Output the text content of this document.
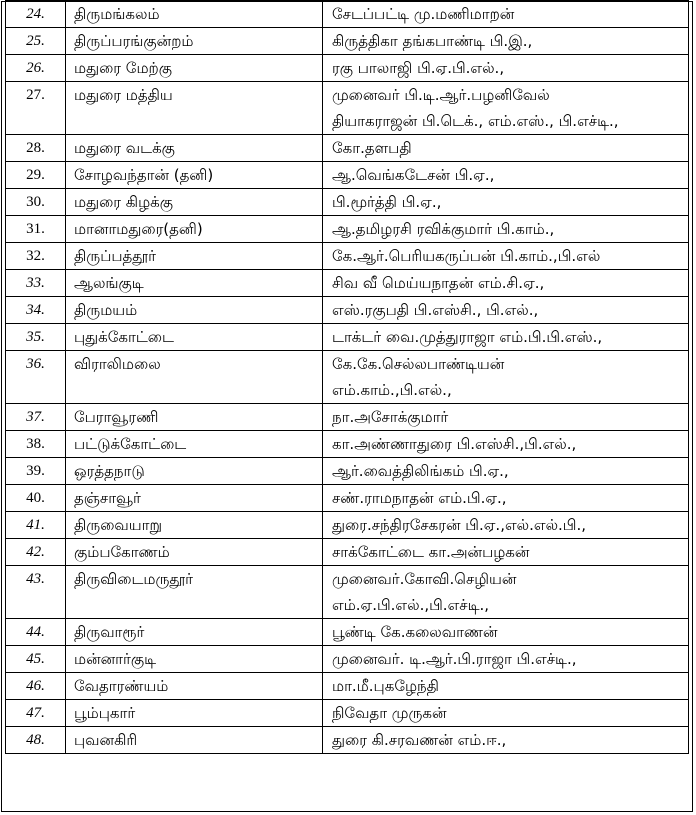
24.	திருமங்கலம்	சேடப்பட்டி மு.மணிமாறன்

25.	திருப்பரங்குன்றம்	கிருத்திகா தங்கபாண்டி பி.இ.,

26.	மதுரை மேற்கு	ரகு பாலாஜி பி.ஏ.பி.எல்.,

27.	மதுரை மத்திய	முனைவர் பி.டி.ஆர்.பழனிவேல்
தியாகராஜன் பி.டெக்., எம்.எஸ்., பி.எச்டி.,

28.	மதுரை வடக்கு	கோ.தளபதி

29.	சோழவந்தான் (தனி)	ஆ.வெங்கடேசன் பி.ஏ.,

30.	மதுரை கிழக்கு	பி.மூர்த்தி பி.ஏ.,

31.	மானாமதுரை(தனி)	ஆ.தமிழரசி ரவிக்குமார் பி.காம்.,

32.	திருப்பத்தூர்	கே.ஆர்.பெரியகருப்பன் பி.காம்.,பி.எல்

33.	ஆலங்குடி	சிவ வீ மெய்யநாதன் எம்.சி.ஏ.,

34.	திருமயம்	எஸ்.ரகுபதி பி.எஸ்சி., பி.எல்.,

35.	புதுக்கோட்டை	டாக்டர் வை.முத்துராஜா எம்.பி.பி.எஸ்.,

36.	விராலிமலை	கே.கே.செல்லபாண்டியன்
எம்.காம்.,பி.எல்.,

37.	பேராவூரணி	நா.அசோக்குமார்

38.	பட்டுக்கோட்டை	கா.அண்ணாதுரை பி.எஸ்சி.,பி.எல்.,

39.	ஒரத்தநாடு	ஆர்.வைத்திலிங்கம் பி.ஏ.,

40.	தஞ்சாவூர்	சண்.ராமநாதன் எம்.பி.ஏ.,

41.	திருவையாறு	துரை.சந்திரசேகரன் பி.ஏ.,எல்.எல்.பி.,

42.	கும்பகோணம்	சாக்கோட்டை கா.அன்பழகன்

43.	திருவிடைமருதூர்	முனைவர்.கோவி.செழியன்
எம்.ஏ.பி.எல்.,பி.எச்டி.,

44.	திருவாரூர்	பூண்டி கே.கலைவாணன்

45.	மன்னார்குடி	முனைவர். டி.ஆர்.பி.ராஜா பி.எச்டி.,

46.	வேதாரண்யம்	மா.மீ.புகழேந்தி

47.	பூம்புகார்	நிவேதா முருகன்

48.	புவனகிரி	துரை கி.சரவணன் எம்.ஈ.,
